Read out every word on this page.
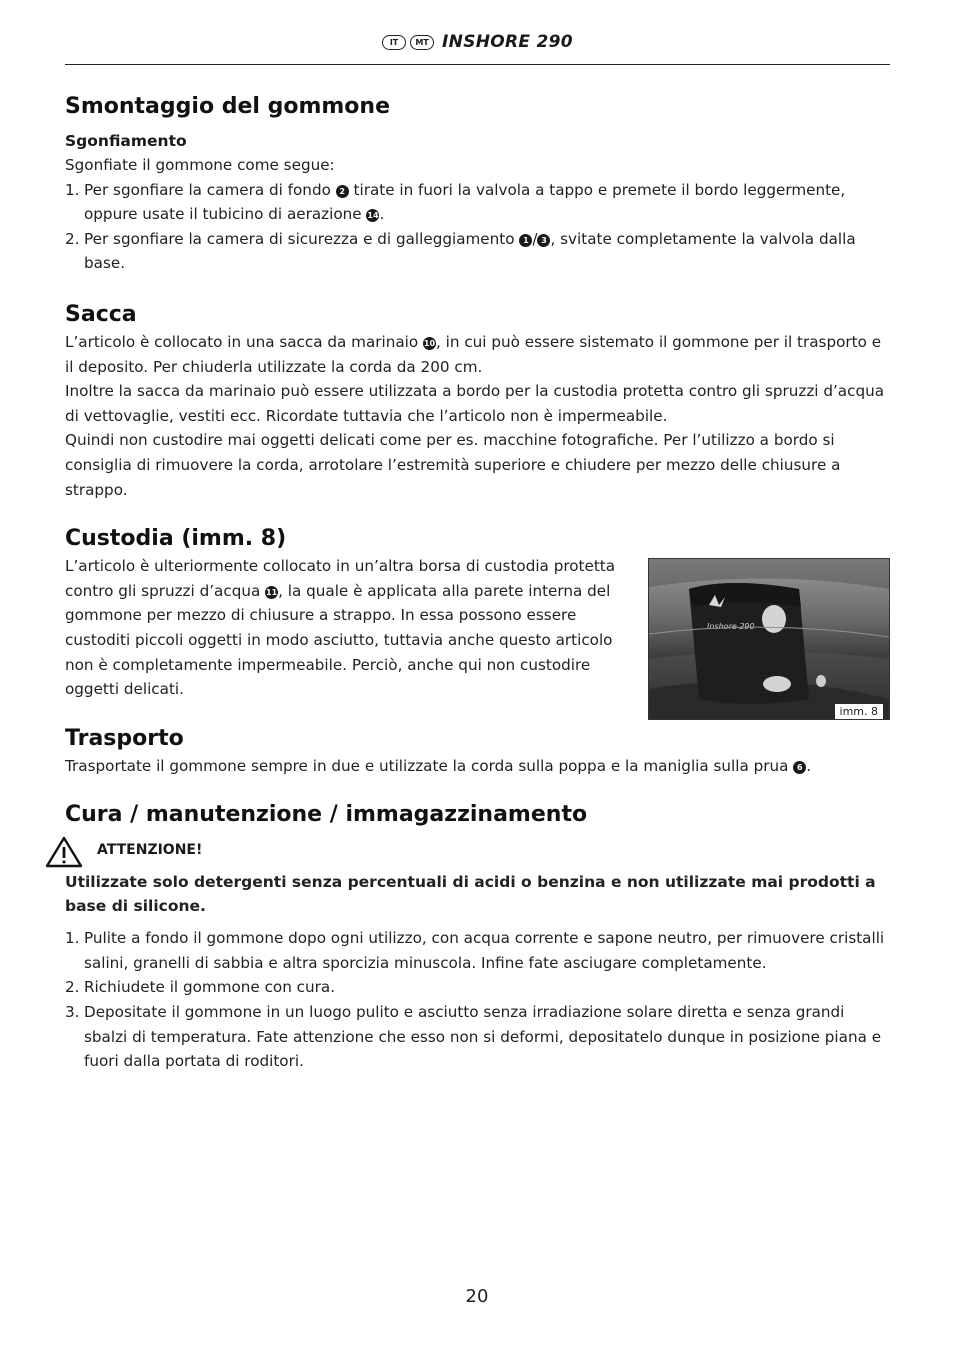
IT MT INSHORE 290
Smontaggio del gommone
Sgonfiamento

Sgonfiate il gommone come segue:

1. Per sgonfiare la camera di fondo 2 tirate in fuori la valvola a tappo e premete il bordo leggermente, oppure usate il tubicino di aerazione 14.
2. Per sgonfiare la camera di sicurezza e di galleggiamento 1 / 3 , svitate completamente la valvola dalla base.
Sacca

L’articolo è collocato in una sacca da marinaio 10, in cui può essere sistemato il gommone per il trasporto e il deposito. Per chiuderla utilizzate la corda da 200 cm.

Inoltre la sacca da marinaio può essere utilizzata a bordo per la custodia protetta contro gli spruzzi d’acqua di vettovaglie, vestiti ecc. Ricordate tuttavia che l’articolo non è impermeabile.

Quindi non custodire mai oggetti delicati come per es. macchine fotografiche. Per l’utilizzo a bordo si consiglia di rimuovere la corda, arrotolare l’estremità superiore e chiudere per mezzo delle chiusure a strappo.

Custodia (imm. 8)

L’articolo è ulteriormente collocato in un’altra borsa di custodia protetta contro gli spruzzi d’acqua 11, la quale è applicata alla parete interna del gommone per mezzo di chiusure a strappo. In essa possono essere custoditi piccoli oggetti in modo asciutto, tuttavia anche questo articolo non è completamente impermeabile. Perciò, anche qui non custodire oggetti delicati.

Inshore 290
imm. 8
Trasporto

Trasportate il gommone sempre in due e utilizzate la corda sulla poppa e la maniglia sulla prua 6 .

Cura / manutenzione / immagazzinamento
ATTENZIONE!

Utilizzate solo detergenti senza percentuali di acidi o benzina e non utilizzate mai prodotti a base di silicone.

1. Pulite a fondo il gommone dopo ogni utilizzo, con acqua corrente e sapone neutro, per rimuovere cristalli salini, granelli di sabbia e altra sporcizia minuscola. Infine fate asciugare completamente.
2. Richiudete il gommone con cura.
3. Depositate il gommone in un luogo pulito e asciutto senza irradiazione solare diretta e senza grandi sbalzi di temperatura. Fate attenzione che esso non si deformi, depositatelo dunque in posizione piana e fuori dalla portata di roditori.
20
